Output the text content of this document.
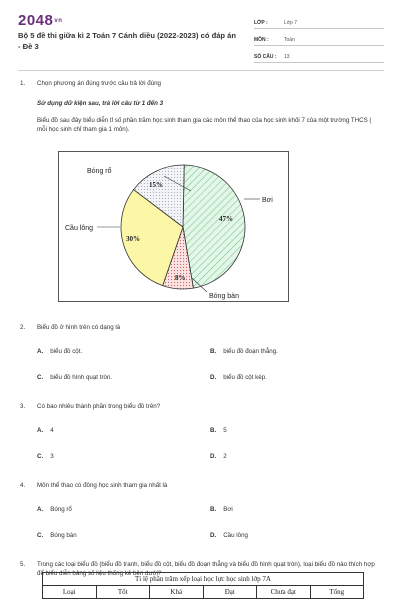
2048vn
Bộ 5 đề thi giữa kì 2 Toán 7 Cánh diều (2022-2023) có đáp án - Đề 3
LỚP :	Lớp 7
MÔN :	Toán
SỐ CÂU :	13
1. Chọn phương án đúng trước câu trả lời đúng
Sử dụng dữ kiện sau, trả lời câu từ 1 đến 3
Biểu đồ sau đây biểu diễn tỉ số phần trăm học sinh tham gia các môn thể thao của học sinh khối 7 của một trường THCS ( mỗi học sinh chỉ tham gia 1 môn).
Bóng rổ
Cầu lông
Bơi
Bóng bàn
47%
8%
30%
15%
2. Biểu đồ ở hình trên có dạng là
A. biểu đồ cột.	B. biểu đồ đoạn thẳng.
C. biểu đồ hình quạt tròn.	D. biểu đồ cột kép.
3. Có bao nhiêu thành phần trong biểu đồ trên?
A. 4	B. 5
C. 3	D. 2
4. Môn thể thao có đông học sinh tham gia nhất là
A. Bóng rổ	B. Bơi
C. Bóng bàn	D. Cầu lông
5. Trong các loại biểu đồ (biểu đồ tranh, biểu đồ cột, biểu đồ đoạn thẳng và biểu đồ hình quạt tròn), loại biểu đồ nào thích hợp để biểu diễn bảng số liệu thống kê bên dưới?
Tỉ lệ phần trăm xếp loại học lực học sinh lớp 7A
Loại	Tốt	Khá	Đạt	Chưa đạt	Tổng
